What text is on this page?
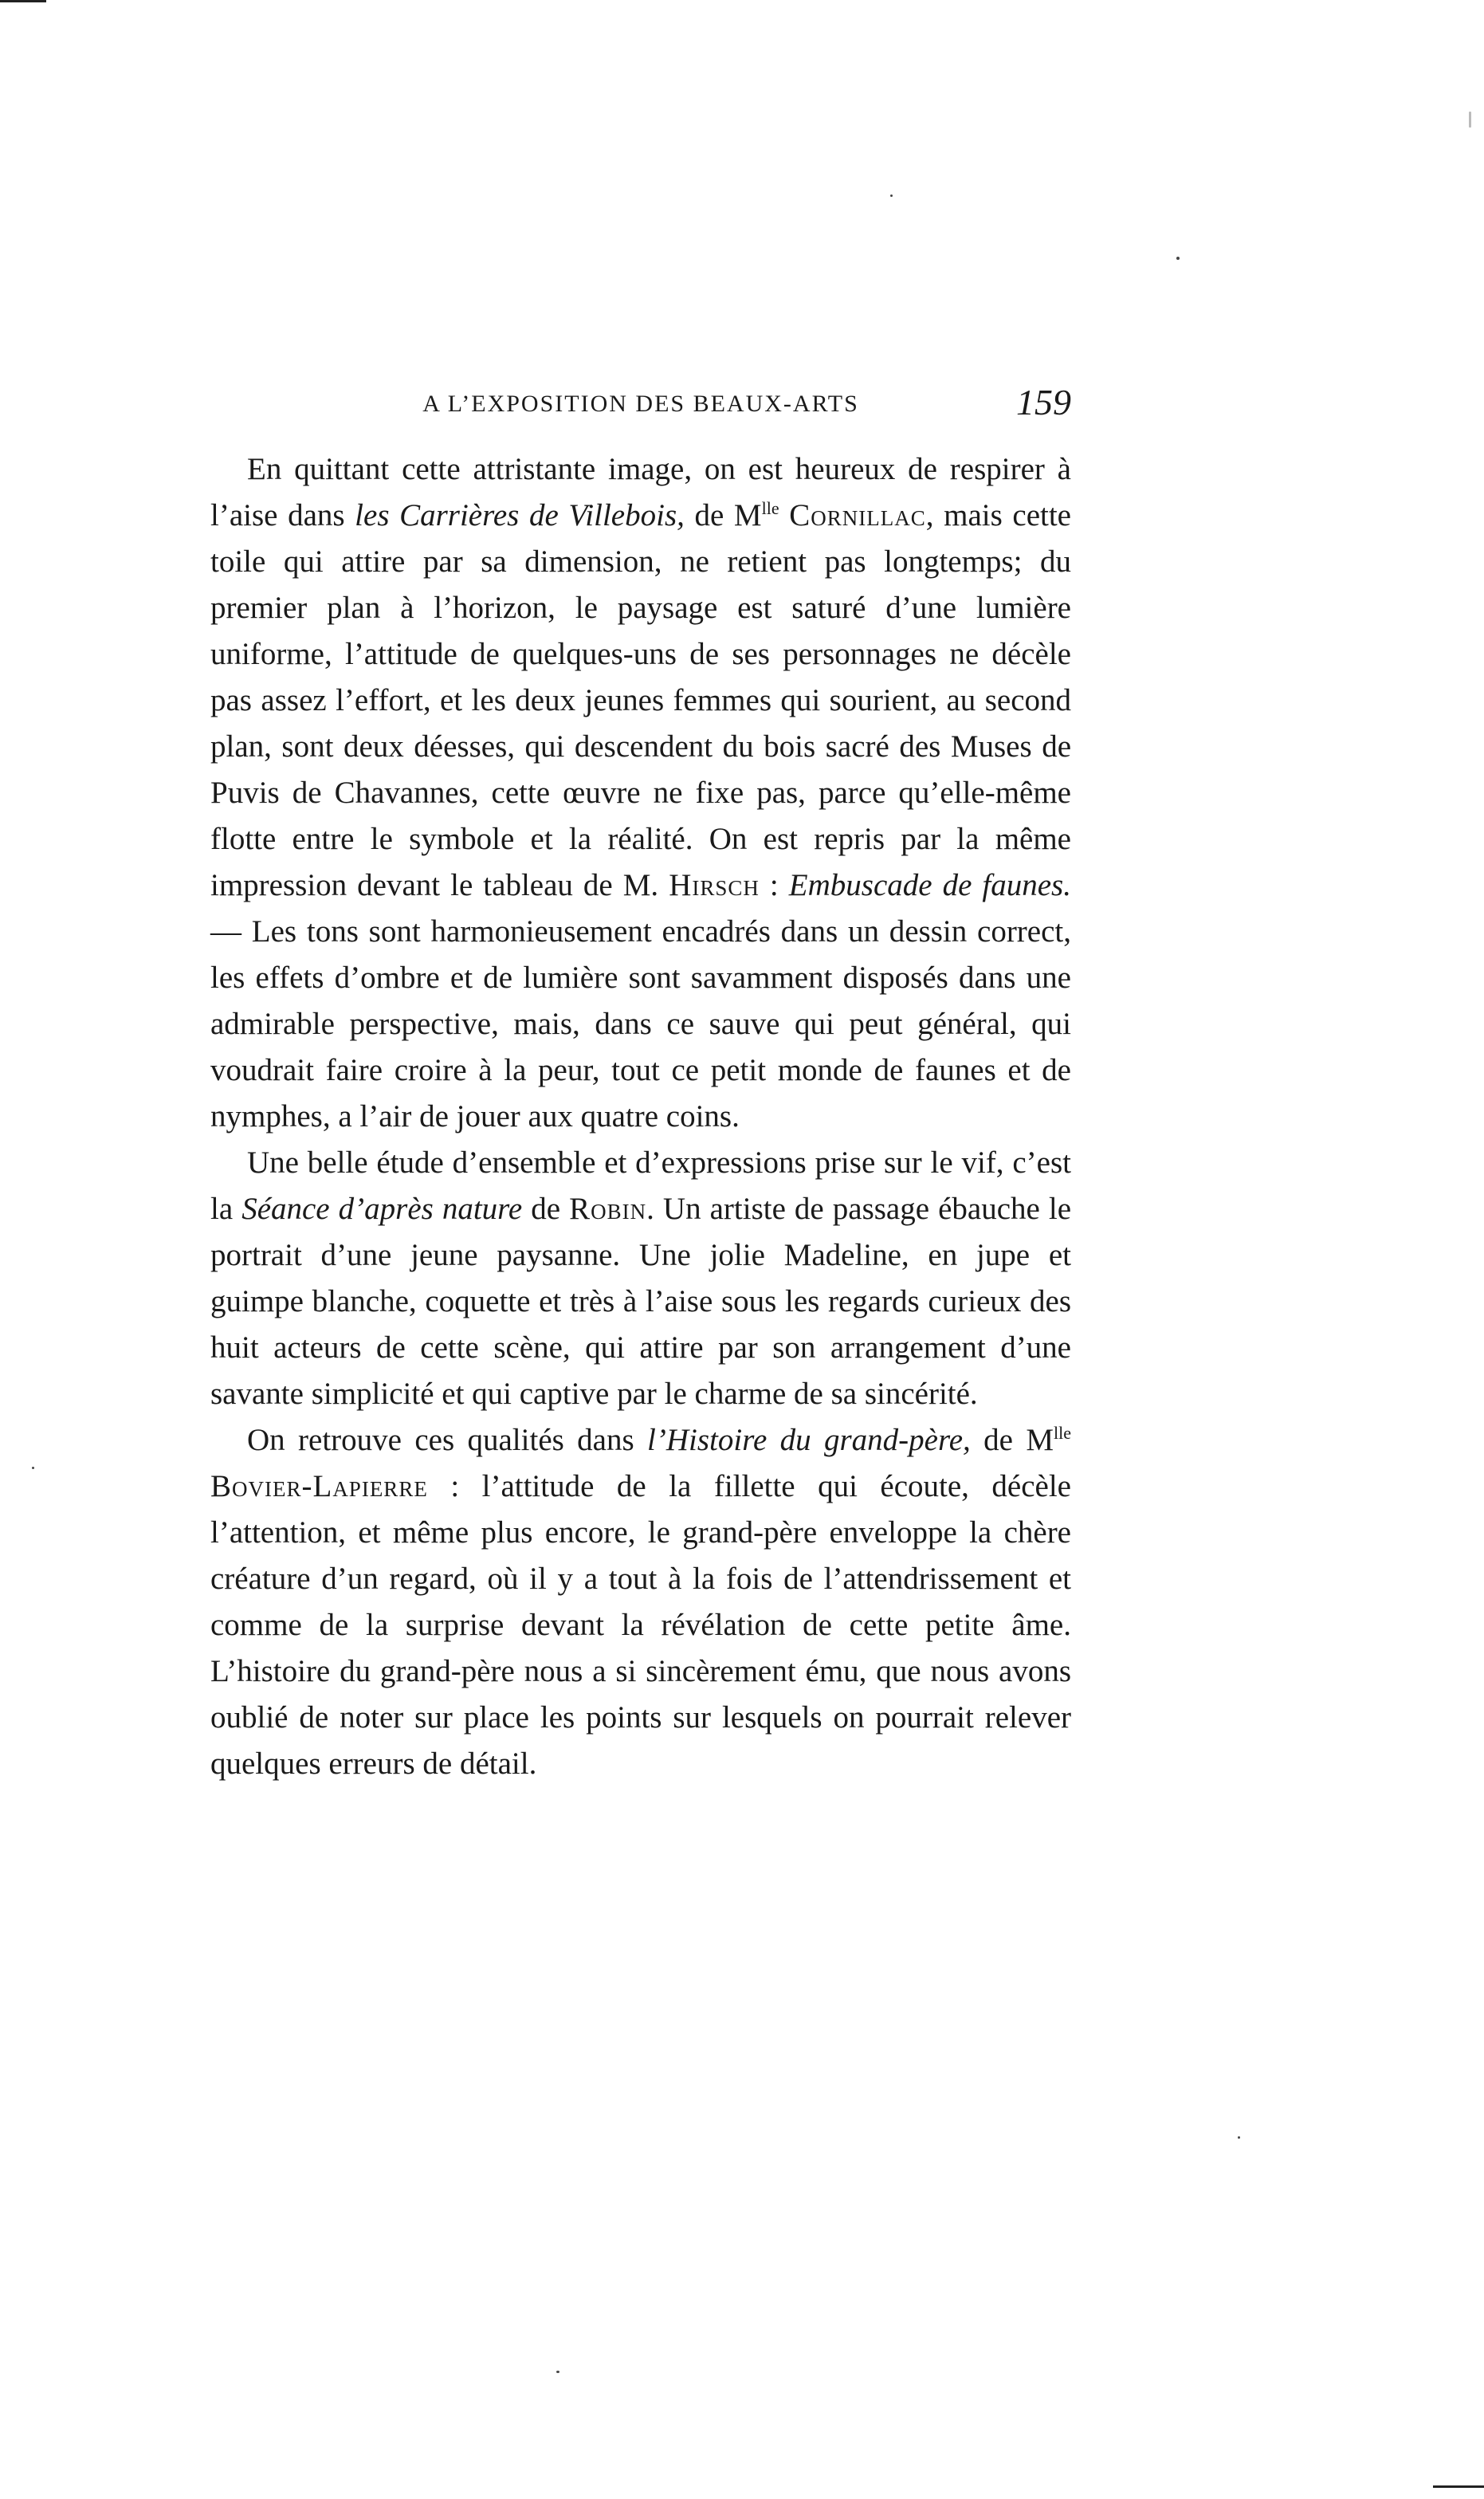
A L’EXPOSITION DES BEAUX-ARTS	159

En quittant cette attristante image, on est heureux de respirer à l’aise dans les Carrières de Villebois, de $M^{lle}$ Cornillac, mais cette toile qui attire par sa dimension, ne retient pas longtemps; du premier plan à l’horizon, le paysage est saturé d’une lumière uniforme, l’attitude de quelques-uns de ses personnages ne décèle pas assez l’effort, et les deux jeunes femmes qui sourient, au second plan, sont deux déesses, qui descendent du bois sacré des Muses de Puvis de Chavannes, cette œuvre ne fixe pas, parce qu’elle-même flotte entre le symbole et la réalité. On est repris par la même impression devant le tableau de M. Hirsch : Embuscade de faunes. — Les tons sont harmonieusement encadrés dans un dessin correct, les effets d’ombre et de lumière sont savamment disposés dans une admirable perspective, mais, dans ce sauve qui peut général, qui voudrait faire croire à la peur, tout ce petit monde de faunes et de nymphes, a l’air de jouer aux quatre coins.

Une belle étude d’ensemble et d’expressions prise sur le vif, c’est la Séance d’après nature de Robin. Un artiste de passage ébauche le portrait d’une jeune paysanne. Une jolie Madeline, en jupe et guimpe blanche, coquette et très à l’aise sous les regards curieux des huit acteurs de cette scène, qui attire par son arrangement d’une savante simplicité et qui captive par le charme de sa sincérité.

On retrouve ces qualités dans l’Histoire du grand-père, de $M^{lle}$ Bovier-Lapierre : l’attitude de la fillette qui écoute, décèle l’attention, et même plus encore, le grand-père enveloppe la chère créature d’un regard, où il y a tout à la fois de l’attendrissement et comme de la surprise devant la révélation de cette petite âme. L’histoire du grand-père nous a si sincèrement ému, que nous avons oublié de noter sur place les points sur lesquels on pourrait relever quelques erreurs de détail.
